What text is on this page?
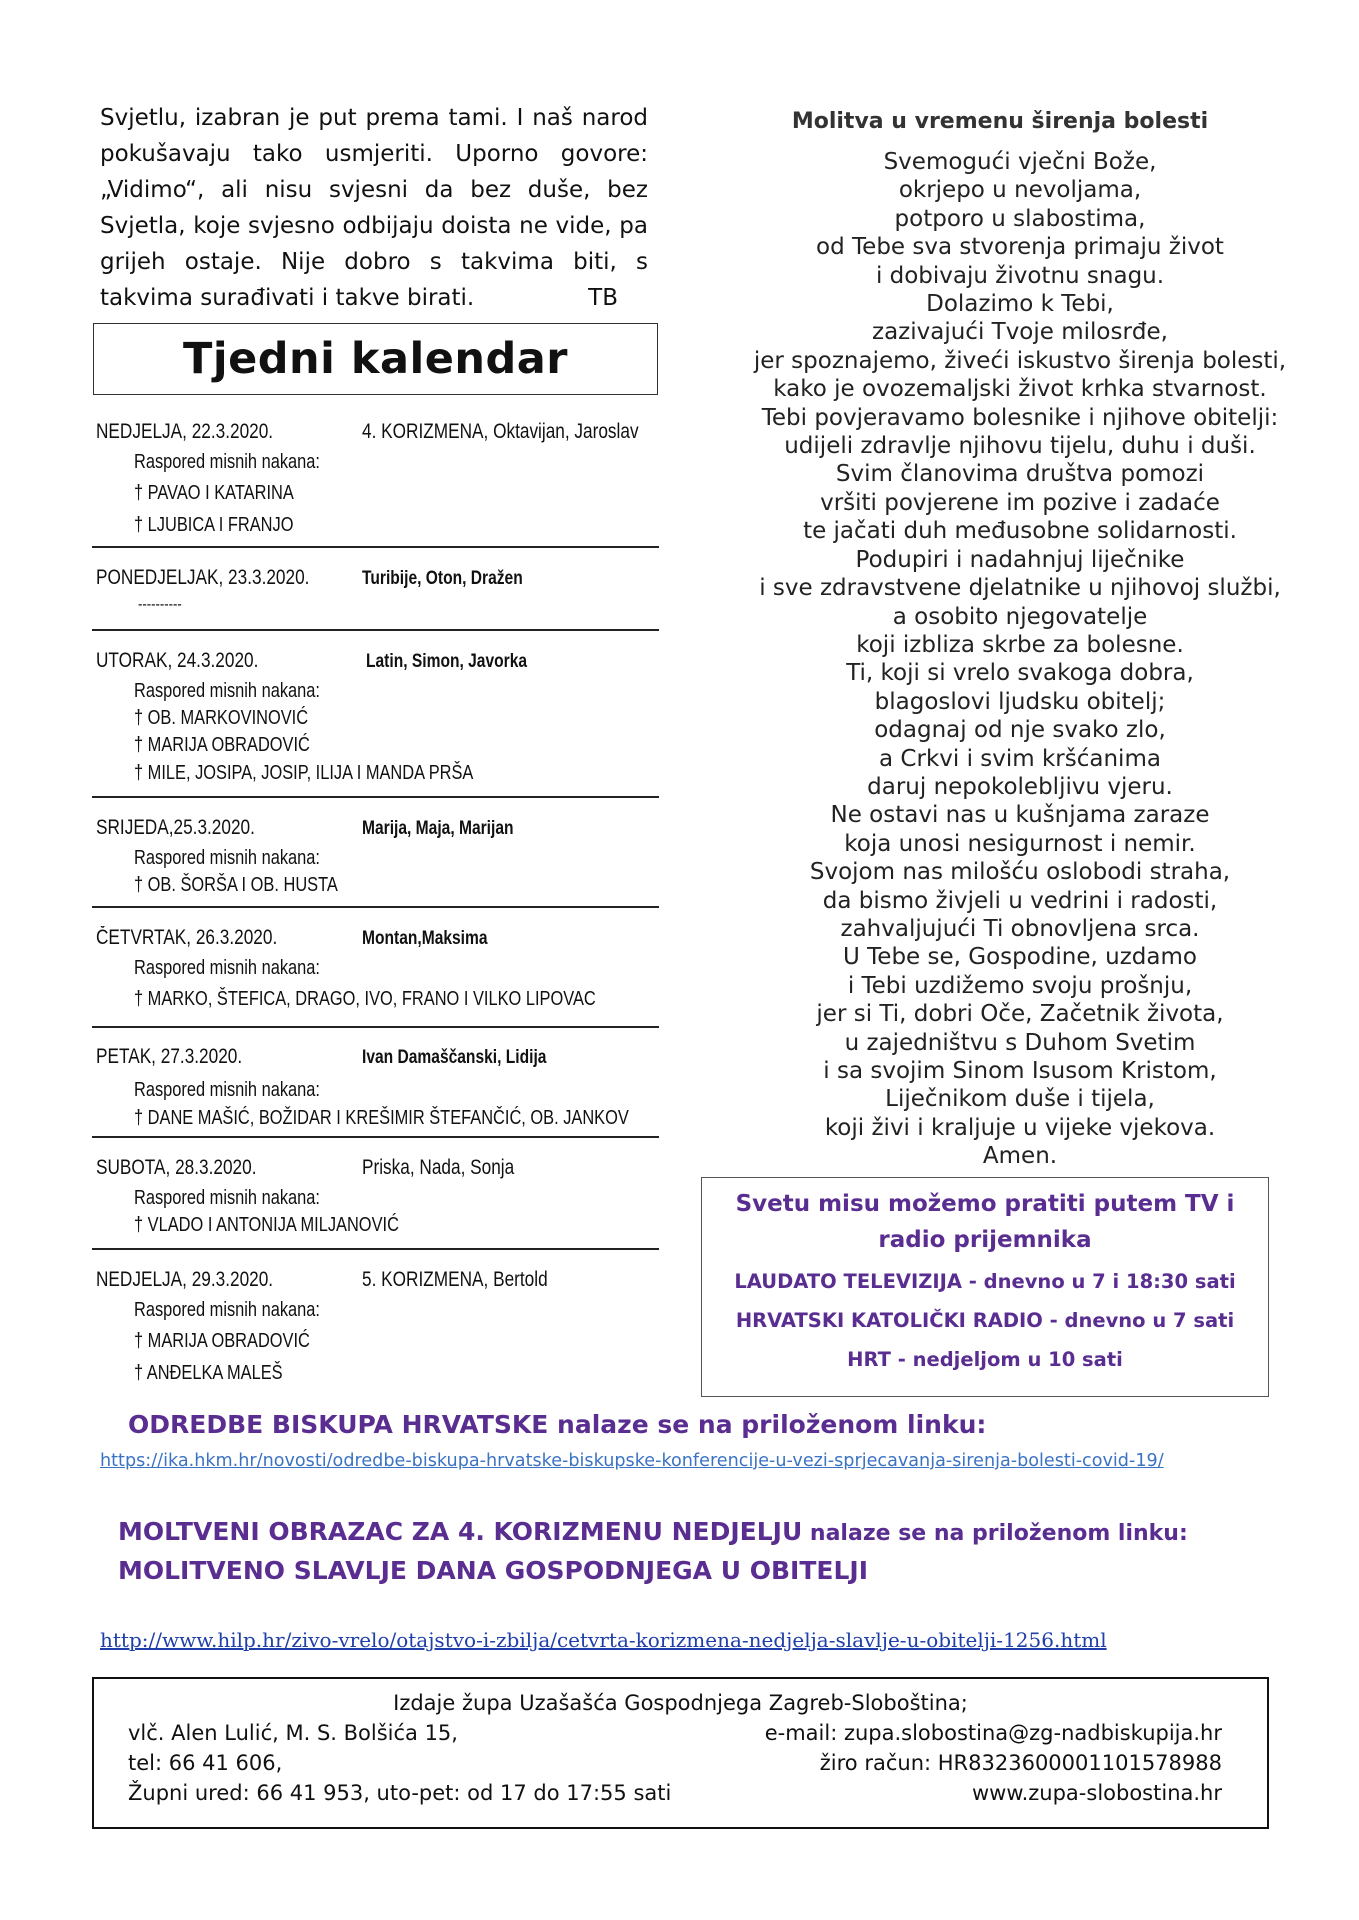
Svjetlu, izabran je put prema tami. I naš narod
pokušavaju tako usmjeriti. Uporno govore:
„Vidimo“, ali nisu svjesni da bez duše, bez
Svjetla, koje svjesno odbijaju doista ne vide, pa
grijeh ostaje. Nije dobro s takvima biti, s
takvima surađivati i takve birati.	TB
Tjedni kalendar
NEDJELJA, 22.3.2020.	4. KORIZMENA, Oktavijan, Jaroslav
Raspored misnih nakana:
† PAVAO I KATARINA
† LJUBICA I FRANJO
PONEDJELJAK, 23.3.2020.	Turibije, Oton, Dražen
----------
UTORAK, 24.3.2020.	Latin, Simon, Javorka
Raspored misnih nakana:
† OB. MARKOVINOVIĆ
† MARIJA OBRADOVIĆ
† MILE, JOSIPA, JOSIP, ILIJA I MANDA PRŠA
SRIJEDA,25.3.2020.	Marija, Maja, Marijan
Raspored misnih nakana:
† OB. ŠORŠA I OB. HUSTA
ČETVRTAK, 26.3.2020.	Montan,Maksima
Raspored misnih nakana:
† MARKO, ŠTEFICA, DRAGO, IVO, FRANO I VILKO LIPOVAC
PETAK, 27.3.2020.	Ivan Damaščanski, Lidija
Raspored misnih nakana:
† DANE MAŠIĆ, BOŽIDAR I KREŠIMIR ŠTEFANČIĆ, OB. JANKOV
SUBOTA, 28.3.2020.	Priska, Nada, Sonja
Raspored misnih nakana:
† VLADO I ANTONIJA MILJANOVIĆ
NEDJELJA, 29.3.2020.	5. KORIZMENA, Bertold
Raspored misnih nakana:
† MARIJA OBRADOVIĆ
† ANĐELKA MALEŠ
Molitva u vremenu širenja bolesti
Svemogući vječni Bože,
okrjepo u nevoljama,
potporo u slabostima,
od Tebe sva stvorenja primaju život
i dobivaju životnu snagu.
Dolazimo k Tebi,
zazivajući Tvoje milosrđe,
jer spoznajemo, živeći iskustvo širenja bolesti,
kako je ovozemaljski život krhka stvarnost.
Tebi povjeravamo bolesnike i njihove obitelji:
udijeli zdravlje njihovu tijelu, duhu i duši.
Svim članovima društva pomozi
vršiti povjerene im pozive i zadaće
te jačati duh međusobne solidarnosti.
Podupiri i nadahnjuj liječnike
i sve zdravstvene djelatnike u njihovoj službi,
a osobito njegovatelje
koji izbliza skrbe za bolesne.
Ti, koji si vrelo svakoga dobra,
blagoslovi ljudsku obitelj;
odagnaj od nje svako zlo,
a Crkvi i svim kršćanima
daruj nepokolebljivu vjeru.
Ne ostavi nas u kušnjama zaraze
koja unosi nesigurnost i nemir.
Svojom nas milošću oslobodi straha,
da bismo živjeli u vedrini i radosti,
zahvaljujući Ti obnovljena srca.
U Tebe se, Gospodine, uzdamo
i Tebi uzdižemo svoju prošnju,
jer si Ti, dobri Oče, Začetnik života,
u zajedništvu s Duhom Svetim
i sa svojim Sinom Isusom Kristom,
Liječnikom duše i tijela,
koji živi i kraljuje u vijeke vjekova.
Amen.
Svetu misu možemo pratiti putem TV i
radio prijemnika
LAUDATO TELEVIZIJA - dnevno u 7 i 18:30 sati
HRVATSKI KATOLIČKI RADIO - dnevno u 7 sati
HRT - nedjeljom u 10 sati
ODREDBE BISKUPA HRVATSKE nalaze se na priloženom linku:
https://ika.hkm.hr/novosti/odredbe-biskupa-hrvatske-biskupske-konferencije-u-vezi-sprjecavanja-sirenja-bolesti-covid-19/
MOLTVENI OBRAZAC ZA 4. KORIZMENU NEDJELJU nalaze se na priloženom linku:
MOLITVENO SLAVLJE DANA GOSPODNJEGA U OBITELJI
http://www.hilp.hr/zivo-vrelo/otajstvo-i-zbilja/cetvrta-korizmena-nedjelja-slavlje-u-obitelji-1256.html
Izdaje župa Uzašašća Gospodnjega Zagreb-Sloboština;
vlč. Alen Lulić, M. S. Bolšića 15,	e-mail: zupa.slobostina@zg-nadbiskupija.hr
tel: 66 41 606,	žiro račun: HR8323600001101578988
Župni ured: 66 41 953, uto-pet: od 17 do 17:55 sati	www.zupa-slobostina.hr
